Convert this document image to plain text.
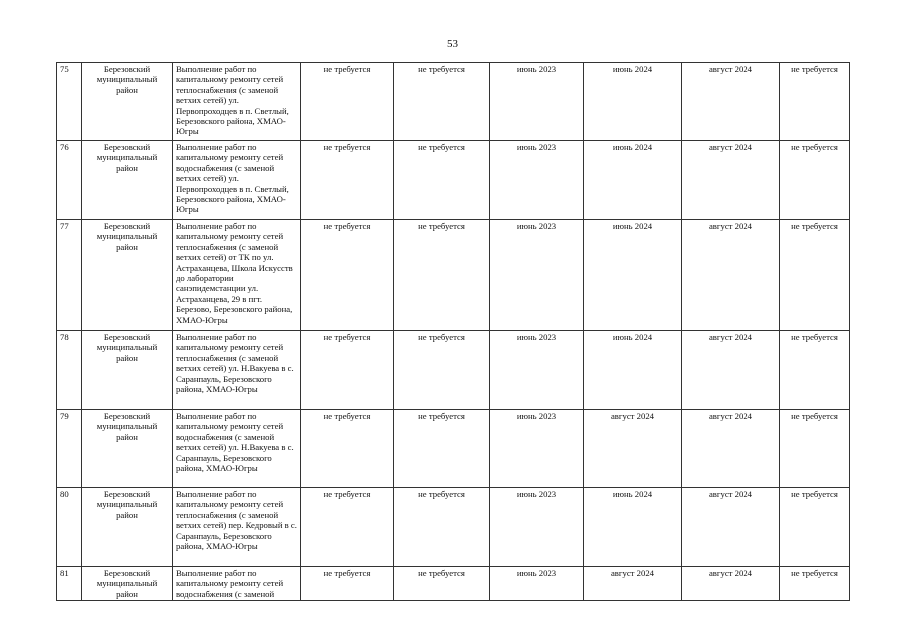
53
75	Березовский муниципальный район	Выполнение работ по капитальному ремонту сетей теплоснабжения (с заменой ветхих сетей) ул. Первопроходцев в п. Светлый, Березовского района, ХМАО-Югры	не требуется	не требуется	июнь 2023	июнь 2024	август 2024	не требуется
76	Березовский муниципальный район	Выполнение работ по капитальному ремонту сетей водоснабжения (с заменой ветхих сетей) ул. Первопроходцев в п. Светлый, Березовского района, ХМАО-Югры	не требуется	не требуется	июнь 2023	июнь 2024	август 2024	не требуется
77	Березовский муниципальный район	Выполнение работ по капитальному ремонту сетей теплоснабжения (с заменой ветхих сетей) от ТК по ул. Астраханцева, Школа Искусств до лаборатории санэпидемстанции ул. Астраханцева, 29 в пгт. Березово, Березовского района, ХМАО-Югры	не требуется	не требуется	июнь 2023	июнь 2024	август 2024	не требуется
78	Березовский муниципальный район	Выполнение работ по капитальному ремонту сетей теплоснабжения (с заменой ветхих сетей) ул. Н.Вакуева в с. Саранпауль, Березовского района, ХМАО-Югры	не требуется	не требуется	июнь 2023	июнь 2024	август 2024	не требуется
79	Березовский муниципальный район	Выполнение работ по капитальному ремонту сетей водоснабжения (с заменой ветхих сетей) ул. Н.Вакуева в с. Саранпауль, Березовского района, ХМАО-Югры	не требуется	не требуется	июнь 2023	август 2024	август 2024	не требуется
80	Березовский муниципальный район	Выполнение работ по капитальному ремонту сетей теплоснабжения (с заменой ветхих сетей) пер. Кедровый в с. Саранпауль, Березовского района, ХМАО-Югры	не требуется	не требуется	июнь 2023	июнь 2024	август 2024	не требуется
81	Березовский муниципальный район	Выполнение работ по капитальному ремонту сетей водоснабжения (с заменой	не требуется	не требуется	июнь 2023	август 2024	август 2024	не требуется
